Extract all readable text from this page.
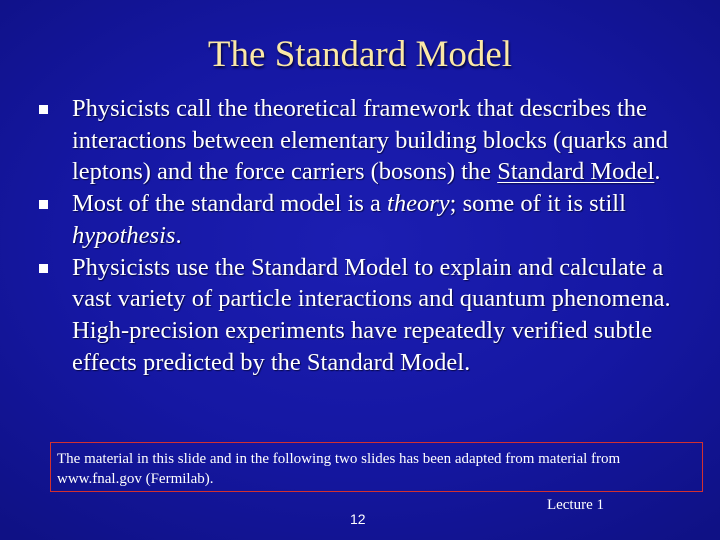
The Standard Model
Physicists call the theoretical framework that describes the interactions between elementary building blocks (quarks and leptons) and the force carriers (bosons) the Standard Model.
Most of the standard model is a theory; some of it is still hypothesis.
Physicists use the Standard Model to explain and calculate a vast variety of particle interactions and quantum phenomena. High-precision experiments have repeatedly verified subtle effects predicted by the Standard Model.
The material in this slide and in the following two slides has been adapted from material from www.fnal.gov (Fermilab).
12
Lecture 1
